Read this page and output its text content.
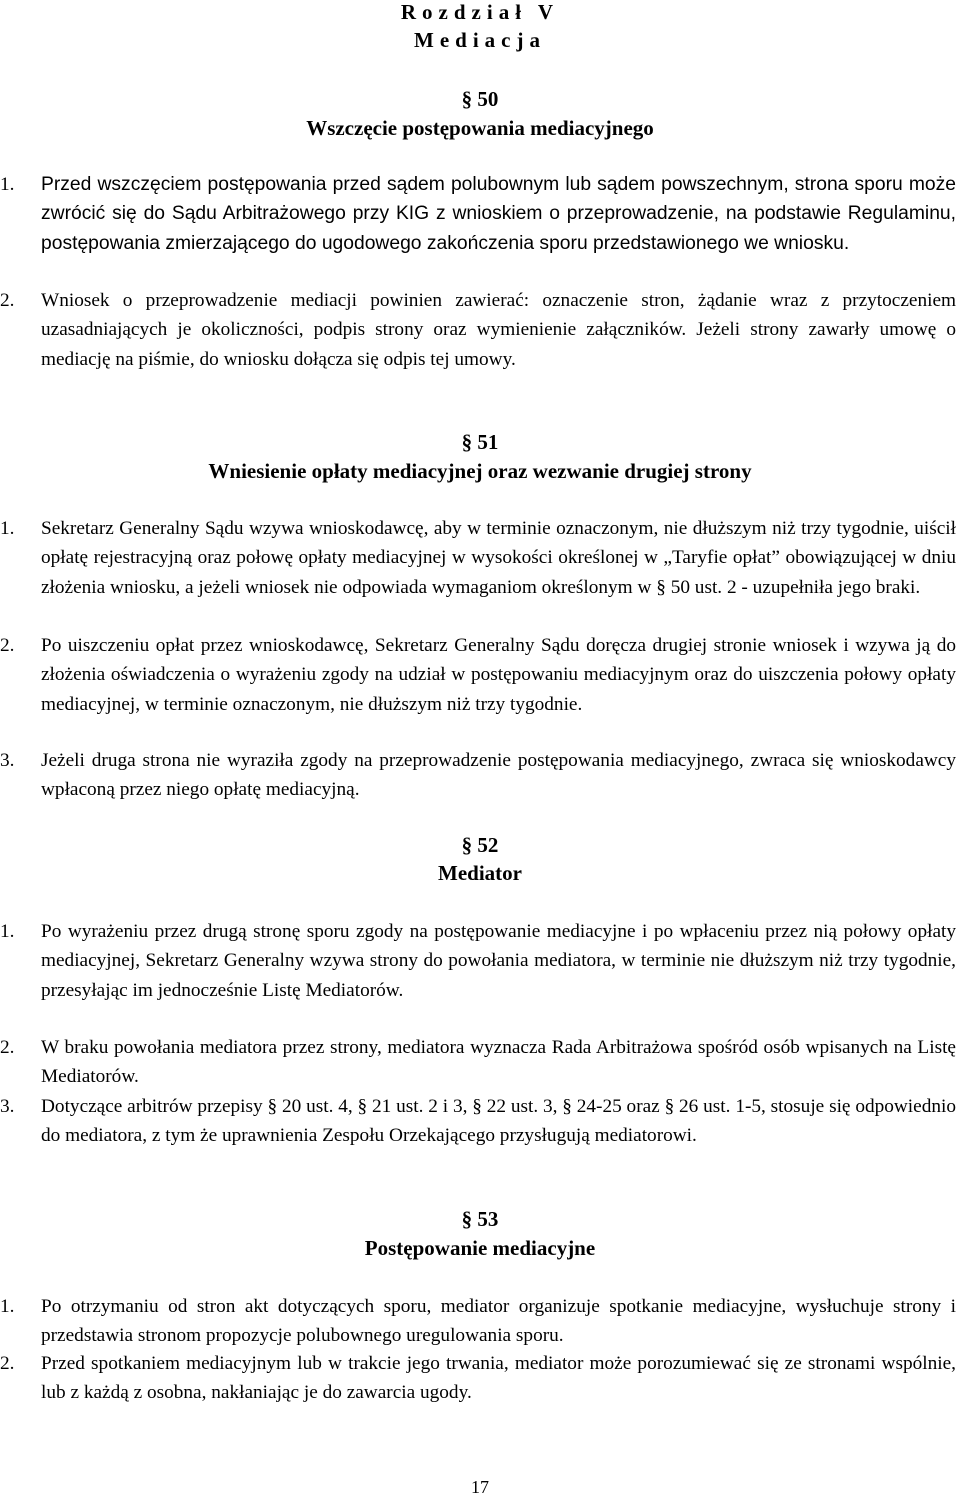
Rozdział V
Mediacja
§ 50
Wszczęcie postępowania mediacyjnego
1.	Przed wszczęciem postępowania przed sądem polubownym lub sądem powszechnym, strona sporu może zwrócić się do Sądu Arbitrażowego przy KIG z wnioskiem o przeprowadzenie, na podstawie Regulaminu, postępowania zmierzającego do ugodowego zakończenia sporu przedstawionego we wniosku.
2.	Wniosek o przeprowadzenie mediacji powinien zawierać: oznaczenie stron, żądanie wraz z przytoczeniem uzasadniających je okoliczności, podpis strony oraz wymienienie załączników. Jeżeli strony zawarły umowę o mediację na piśmie, do wniosku dołącza się odpis tej umowy.
§ 51
Wniesienie opłaty mediacyjnej oraz wezwanie drugiej strony
1.	Sekretarz Generalny Sądu wzywa wnioskodawcę, aby w terminie oznaczonym, nie dłuższym niż trzy tygodnie, uiścił opłatę rejestracyjną oraz połowę opłaty mediacyjnej w wysokości określonej w „Taryfie opłat” obowiązującej w dniu złożenia wniosku, a jeżeli wniosek nie odpowiada wymaganiom określonym w § 50 ust. 2 - uzupełniła jego braki.
2.	Po uiszczeniu opłat przez wnioskodawcę, Sekretarz Generalny Sądu doręcza drugiej stronie wniosek i wzywa ją do złożenia oświadczenia o wyrażeniu zgody na udział w postępowaniu mediacyjnym oraz do uiszczenia połowy opłaty mediacyjnej, w terminie oznaczonym, nie dłuższym niż trzy tygodnie.
3.	Jeżeli druga strona nie wyraziła zgody na przeprowadzenie postępowania mediacyjnego, zwraca się wnioskodawcy wpłaconą przez niego opłatę mediacyjną.
§ 52
Mediator
1.	Po wyrażeniu przez drugą stronę sporu zgody na postępowanie mediacyjne i po wpłaceniu przez nią połowy opłaty mediacyjnej, Sekretarz Generalny wzywa strony do powołania mediatora, w terminie nie dłuższym niż trzy tygodnie, przesyłając im jednocześnie Listę Mediatorów.
2.	W braku powołania mediatora przez strony, mediatora wyznacza Rada Arbitrażowa spośród osób wpisanych na Listę Mediatorów.
3.	Dotyczące arbitrów przepisy § 20 ust. 4, § 21 ust. 2 i 3, § 22 ust. 3, § 24-25 oraz § 26 ust. 1-5, stosuje się odpowiednio do mediatora, z tym że uprawnienia Zespołu Orzekającego przysługują mediatorowi.
§ 53
Postępowanie mediacyjne
1.	Po otrzymaniu od stron akt dotyczących sporu, mediator organizuje spotkanie mediacyjne, wysłuchuje strony i przedstawia stronom propozycje polubownego uregulowania sporu.
2.	Przed spotkaniem mediacyjnym lub w trakcie jego trwania, mediator może porozumiewać się ze stronami wspólnie, lub z każdą z osobna, nakłaniając je do zawarcia ugody.
17
